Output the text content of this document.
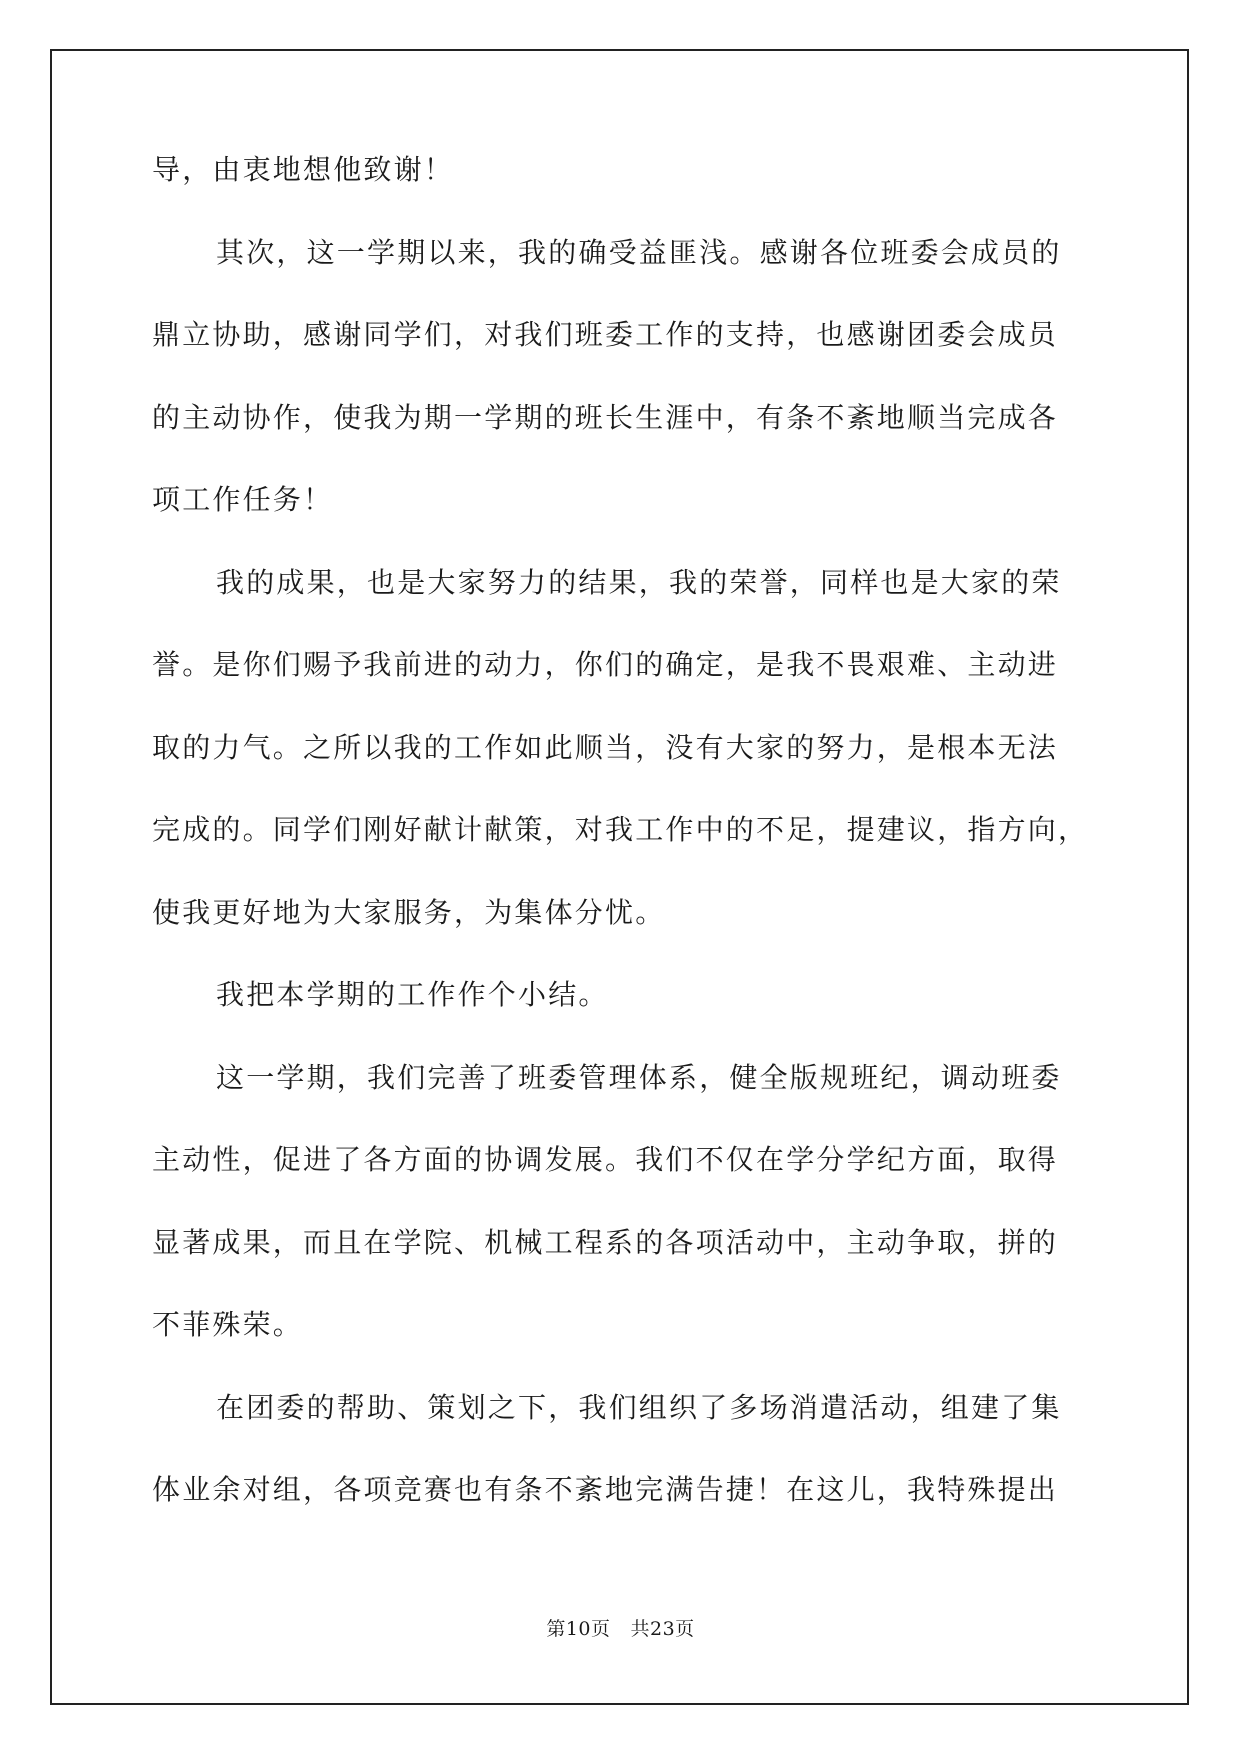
导，由衷地想他致谢！
其次，这一学期以来，我的确受益匪浅。感谢各位班委会成员的
鼎立协助，感谢同学们，对我们班委工作的支持，也感谢团委会成员
的主动协作，使我为期一学期的班长生涯中，有条不紊地顺当完成各
项工作任务！
我的成果，也是大家努力的结果，我的荣誉，同样也是大家的荣
誉。是你们赐予我前进的动力，你们的确定，是我不畏艰难、主动进
取的力气。之所以我的工作如此顺当，没有大家的努力，是根本无法
完成的。同学们刚好献计献策，对我工作中的不足，提建议，指方向，
使我更好地为大家服务，为集体分忧。
我把本学期的工作作个小结。
这一学期，我们完善了班委管理体系，健全版规班纪，调动班委
主动性，促进了各方面的协调发展。我们不仅在学分学纪方面，取得
显著成果，而且在学院、机械工程系的各项活动中，主动争取，拼的
不菲殊荣。
在团委的帮助、策划之下，我们组织了多场消遣活动，组建了集
体业余对组，各项竞赛也有条不紊地完满告捷！在这儿，我特殊提出
第10页 共23页
